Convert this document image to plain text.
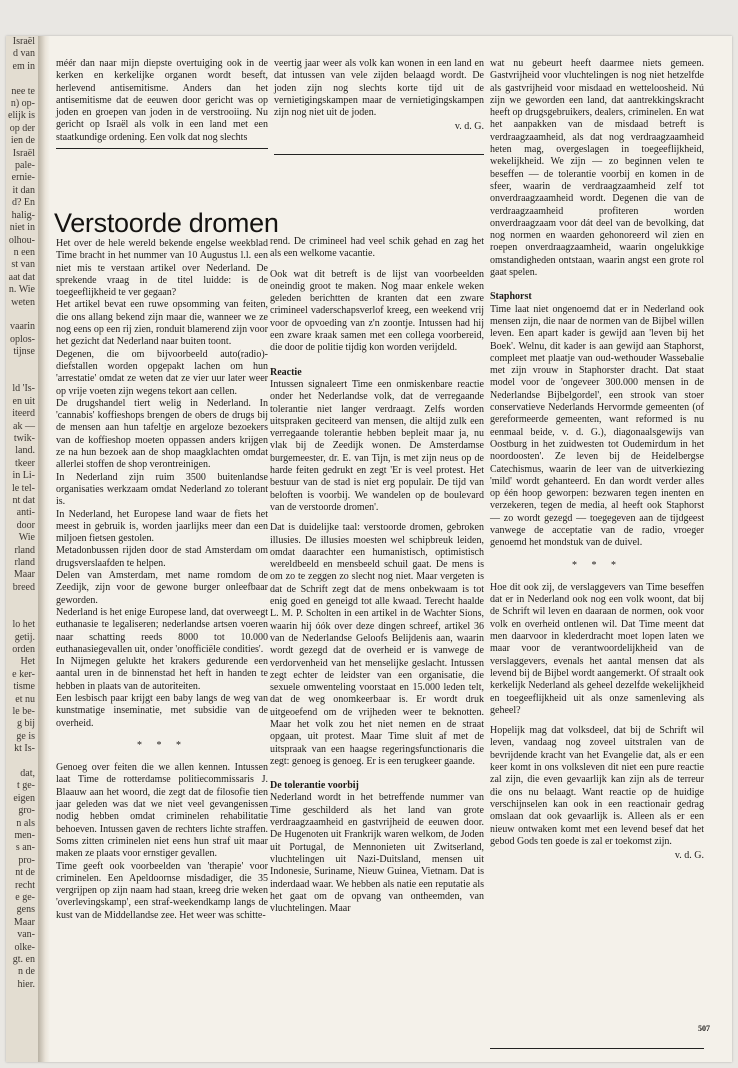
Israël

d van

em in

nee te

n) op-

elijk is

op der

ien de

Israël

pale-

ernie-

it dan

d? En

halig-

niet in

olhou-

n een

st van

aat dat

n. Wie

weten

vaarin

oplos-

tijnse

ld 'Is-

en uit

iteerd

ak —

twik-

land.

tkeer

in Li-

le tel-

nt dat

anti-

door

Wie

rland

rland

Maar

breed

lo het

getij.

orden

Het

e ker-

tisme

et nu

le be-

g bij

ge is

kt Is-

dat,

t ge-

eigen

gro-

n als

men-

s an-

pro-

nt de

recht

e ge-

gens

Maar

van-

olke-

gt. en

n de

hier.

méér dan naar mijn diepste overtuiging ook in de kerken en kerkelijke organen wordt beseft, herlevend antisemitisme. Anders dan het antisemitisme dat de eeuwen door gericht was op joden en groepen van joden in de verstrooiing. Nu gericht op Israël als volk in een land met een staatkundige ordening. Een volk dat nog slechts

veertig jaar weer als volk kan wonen in een land en dat intussen van vele zijden belaagd wordt. De joden zijn nog slechts korte tijd uit de vernietigingskampen maar de vernietigingskampen zijn nog niet uit de joden.

v. d. G.

Verstoorde dromen

Het over de hele wereld bekende engelse weekblad Time bracht in het nummer van 10 Augustus l.l. een niet mis te verstaan artikel over Nederland. De sprekende vraag in de titel luidde: is de toegeeflijkheid te ver gegaan?

Het artikel bevat een ruwe opsomming van feiten, die ons allang bekend zijn maar die, wanneer we ze nog eens op een rij zien, ronduit blamerend zijn voor het gezicht dat Nederland naar buiten toont.

Degenen, die om bijvoorbeeld auto(radio)-diefstallen worden opgepakt lachen om hun 'arrestatie' omdat ze weten dat ze vier uur later weer op vrije voeten zijn wegens tekort aan cellen.

De drugshandel tiert welig in Nederland. In 'cannabis' koffieshops brengen de obers de drugs bij de mensen aan hun tafeltje en argeloze bezoekers van de koffieshop moeten oppassen anders krijgen ze na hun bezoek aan de shop maagklachten omdat allerlei stoffen de shop verontreinigen.

In Nederland zijn ruim 3500 buitenlandse organisaties werkzaam omdat Nederland zo tolerant is.

In Nederland, het Europese land waar de fiets het meest in gebruik is, worden jaarlijks meer dan een miljoen fietsen gestolen.

Metadonbussen rijden door de stad Amsterdam om drugsverslaafden te helpen.

Delen van Amsterdam, met name romdom de Zeedijk, zijn voor de gewone burger onleefbaar geworden.

Nederland is het enige Europese land, dat overweegt euthanasie te legaliseren; nederlandse artsen voeren naar schatting reeds 8000 tot 10.000 euthanasiegevallen uit, onder 'onofficiële condities'.

In Nijmegen gelukte het krakers gedurende een aantal uren in de binnenstad het heft in handen te hebben in plaats van de autoriteiten.

Een lesbisch paar krijgt een baby langs de weg van kunstmatige inseminatie, met subsidie van de overheid.

* * *

Genoeg over feiten die we allen kennen. Intussen laat Time de rotterdamse politiecommissaris J. Blaauw aan het woord, die zegt dat de filosofie tien jaar geleden was dat we niet veel gevangenissen nodig hebben omdat criminelen rehabilitatie behoeven. Intussen gaven de rechters lichte straffen. Soms zitten criminelen niet eens hun straf uit maar maken ze plaats voor ernstiger gevallen.

Time geeft ook voorbeelden van 'therapie' voor criminelen. Een Apeldoornse misdadiger, die 35 vergrijpen op zijn naam had staan, kreeg drie weken 'overlevingskamp', een straf-weekendkamp langs de kust van de Middellandse zee. Het weer was schitte-

rend. De crimineel had veel schik gehad en zag het als een welkome vacantie.

Ook wat dit betreft is de lijst van voorbeelden oneindig groot te maken. Nog maar enkele weken geleden berichtten de kranten dat een zware crimineel vaderschapsverlof kreeg, een weekend vrij voor de opvoeding van z'n zoontje. Intussen had hij een zware kraak samen met een collega voorbereid, die door de politie tijdig kon worden verijdeld.

Reactie

Intussen signaleert Time een onmiskenbare reactie onder het Nederlandse volk, dat de verregaande tolerantie niet langer verdraagt. Zelfs worden uitspraken geciteerd van mensen, die altijd zulk een verregaande tolerantie hebben bepleit maar ja, nu vlak bij de Zeedijk wonen. De Amsterdamse burgemeester, dr. E. van Tijn, is met zijn neus op de harde feiten gedrukt en zegt 'Er is veel protest. Het bestuur van de stad is niet erg populair. De tijd van beloften is voorbij. We wandelen op de boulevard van de verstoorde dromen'.

Dat is duidelijke taal: verstoorde dromen, gebroken illusies. De illusies moesten wel schipbreuk leiden, omdat daarachter een humanistisch, optimistisch wereldbeeld en mensbeeld schuil gaat. De mens is om zo te zeggen zo slecht nog niet. Maar vergeten is dat de Schrift zegt dat de mens onbekwaam is tot enig goed en geneigd tot alle kwaad. Terecht haalde L. M. P. Scholten in een artikel in de Wachter Sions, waarin hij óók over deze dingen schreef, artikel 36 van de Nederlandse Geloofs Belijdenis aan, waarin wordt gezegd dat de overheid er is vanwege de verdorvenheid van het menselijke geslacht. Intussen zegt echter de leidster van een organisatie, die sexuele omwenteling voorstaat en 15.000 leden telt, dat de weg onomkeerbaar is. Er wordt druk uitgeoefend om de vrijheden weer te beknotten. Maar het volk zou het niet nemen en de straat opgaan, uit protest. Maar Time sluit af met de uitspraak van een haagse regeringsfunctionaris die zegt: genoeg is genoeg. Er is een terugkeer gaande.

De tolerantie voorbij

Nederland wordt in het betreffende nummer van Time geschilderd als het land van grote verdraagzaamheid en gastvrijheid de eeuwen door. De Hugenoten uit Frankrijk waren welkom, de Joden uit Portugal, de Mennonieten uit Zwitserland, vluchtelingen uit Nazi-Duitsland, mensen uit Indonesie, Suriname, Nieuw Guinea, Vietnam. Dat is inderdaad waar. We hebben als natie een reputatie als het gaat om de opvang van ontheemden, van vluchtelingen. Maar

wat nu gebeurt heeft daarmee niets gemeen. Gastvrijheid voor vluchtelingen is nog niet hetzelfde als gastvrijheid voor misdaad en wetteloosheid. Nú zijn we geworden een land, dat aantrekkingskracht heeft op drugsgebruikers, dealers, criminelen. En wat het aanpakken van de misdaad betreft is verdraagzaamheid, als dat nog verdraagzaamheid heten mag, overgeslagen in toegeeflijkheid, wekelijkheid. We zijn — zo beginnen velen te beseffen — de tolerantie voorbij en komen in de sfeer, waarin de verdraagzaamheid zelf tot onverdraagzaamheid wordt. Degenen die van de verdraagzaamheid profiteren worden onverdraagzaam voor dát deel van de bevolking, dat nog normen en waarden gehonoreerd wil zien en roepen onverdraagzaamheid, waarin ongelukkige omstandigheden ontstaan, waarin angst een grote rol gaat spelen.

Staphorst

Time laat niet ongenoemd dat er in Nederland ook mensen zijn, die naar de normen van de Bijbel willen leven. Een apart kader is gewijd aan 'leven bij het Boek'. Welnu, dit kader is aan gewijd aan Staphorst, compleet met plaatje van oud-wethouder Wassebalie met zijn vrouw in Staphorster dracht. Dat staat model voor de 'ongeveer 300.000 mensen in de Nederlandse Bijbelgordel', een strook van stoer conservatieve Nederlands Hervormde gemeenten (of gereformeerde gemeenten, want reformed is nu eenmaal beide, v. d. G.), diagonaalsgewijs van Oostburg in het zuidwesten tot Oudemirdum in het noordoosten'. Ze leven bij de Heidelbergse Catechismus, waarin de leer van de uitverkiezing 'mild' wordt gehanteerd. En dan wordt verder alles op één hoop geworpen: bezwaren tegen inenten en verzekeren, tegen de media, al heeft ook Staphorst — zo wordt gezegd — toegegeven aan de tijdgeest vanwege de acceptatie van de radio, vroeger genoemd het mondstuk van de duivel.

* * *

Hoe dit ook zij, de verslaggevers van Time beseffen dat er in Nederland ook nog een volk woont, dat bij de Schrift wil leven en daaraan de normen, ook voor volk en overheid ontlenen wil. Dat Time meent dat men daarvoor in klederdracht moet lopen laten we maar voor de verantwoordelijkheid van de verslaggevers, evenals het aantal mensen dat als levend bij de Bijbel wordt aangemerkt. Of straalt ook kerkelijk Nederland als geheel dezelfde wekelijkheid en toegeeflijkheid uit als onze samenleving als geheel?

Hopelijk mag dat volksdeel, dat bij de Schrift wil leven, vandaag nog zoveel uitstralen van de bevrijdende kracht van het Evangelie dat, als er een keer komt in ons volksleven dit niet een pure reactie zal zijn, die even gevaarlijk kan zijn als de terreur die ons nu belaagt. Want reactie op de huidige verschijnselen kan ook in een reactionair gedrag omslaan dat ook gevaarlijk is. Alleen als er een nieuw ontwaken komt met een levend besef dat het gebod Gods ten goede is zal er toekomst zijn.

v. d. G.

507
